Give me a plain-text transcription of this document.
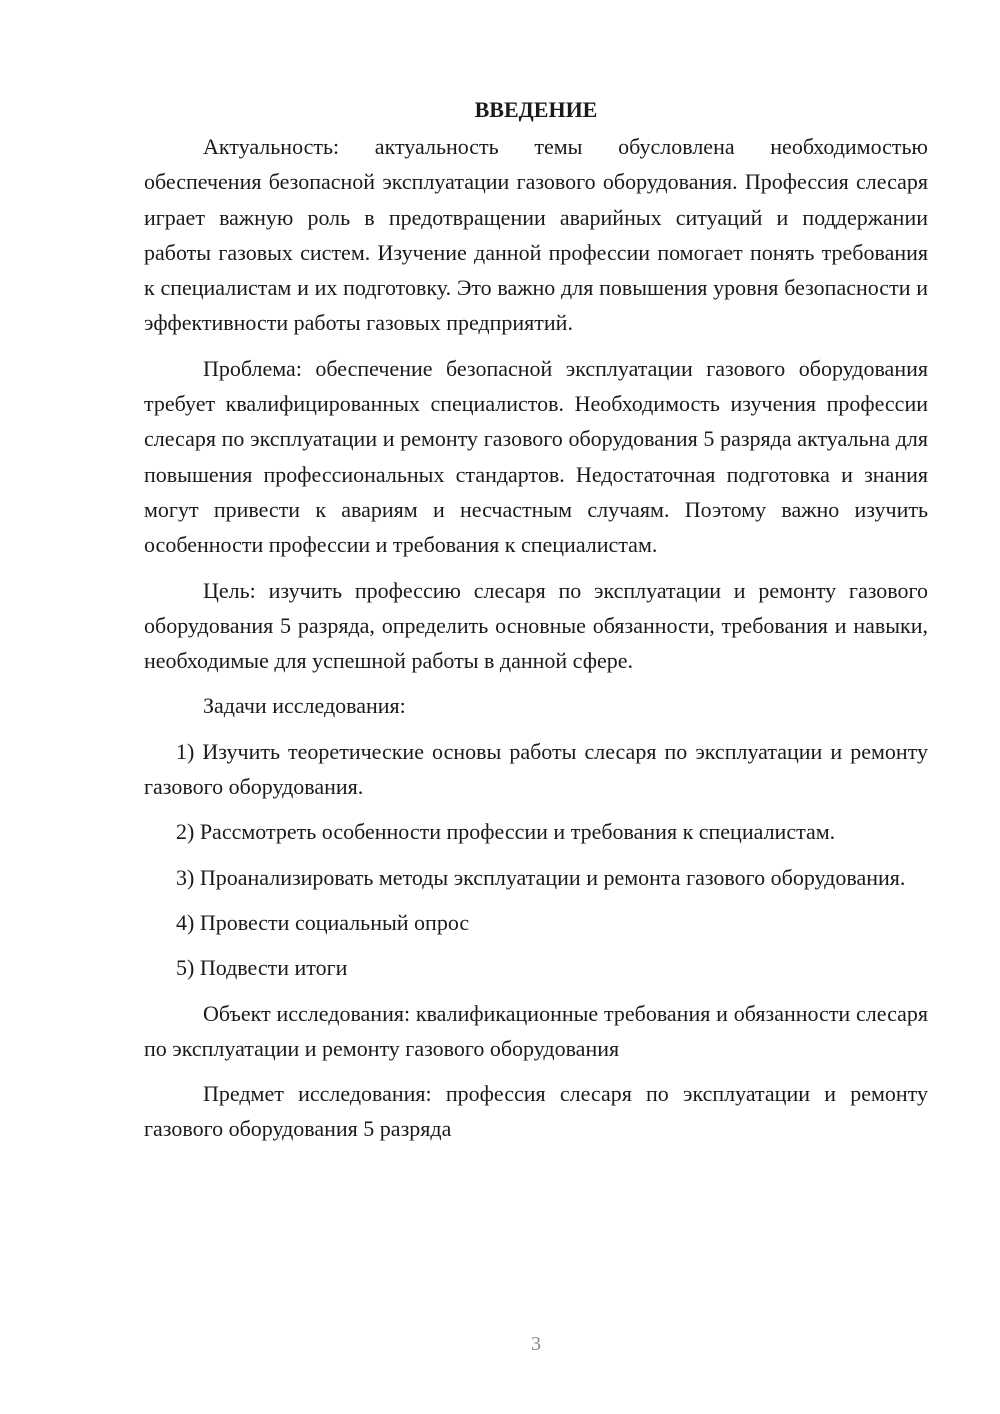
ВВЕДЕНИЕ

Актуальность: актуальность темы обусловлена необходимостью обеспечения безопасной эксплуатации газового оборудования. Профессия слесаря играет важную роль в предотвращении аварийных ситуаций и поддержании работы газовых систем. Изучение данной профессии помогает понять требования к специалистам и их подготовку. Это важно для повышения уровня безопасности и эффективности работы газовых предприятий.

Проблема: обеспечение безопасной эксплуатации газового оборудования требует квалифицированных специалистов. Необходимость изучения профессии слесаря по эксплуатации и ремонту газового оборудования 5 разряда актуальна для повышения профессиональных стандартов. Недостаточная подготовка и знания могут привести к авариям и несчастным случаям. Поэтому важно изучить особенности профессии и требования к специалистам.

Цель: изучить профессию слесаря по эксплуатации и ремонту газового оборудования 5 разряда, определить основные обязанности, требования и навыки, необходимые для успешной работы в данной сфере.

Задачи исследования:

1) Изучить теоретические основы работы слесаря по эксплуатации и ремонту газового оборудования.

2) Рассмотреть особенности профессии и требования к специалистам.

3) Проанализировать методы эксплуатации и ремонта газового оборудования.

4) Провести социальный опрос

5) Подвести итоги

Объект исследования: квалификационные требования и обязанности слесаря по эксплуатации и ремонту газового оборудования

Предмет исследования: профессия слесаря по эксплуатации и ремонту газового оборудования 5 разряда

3
